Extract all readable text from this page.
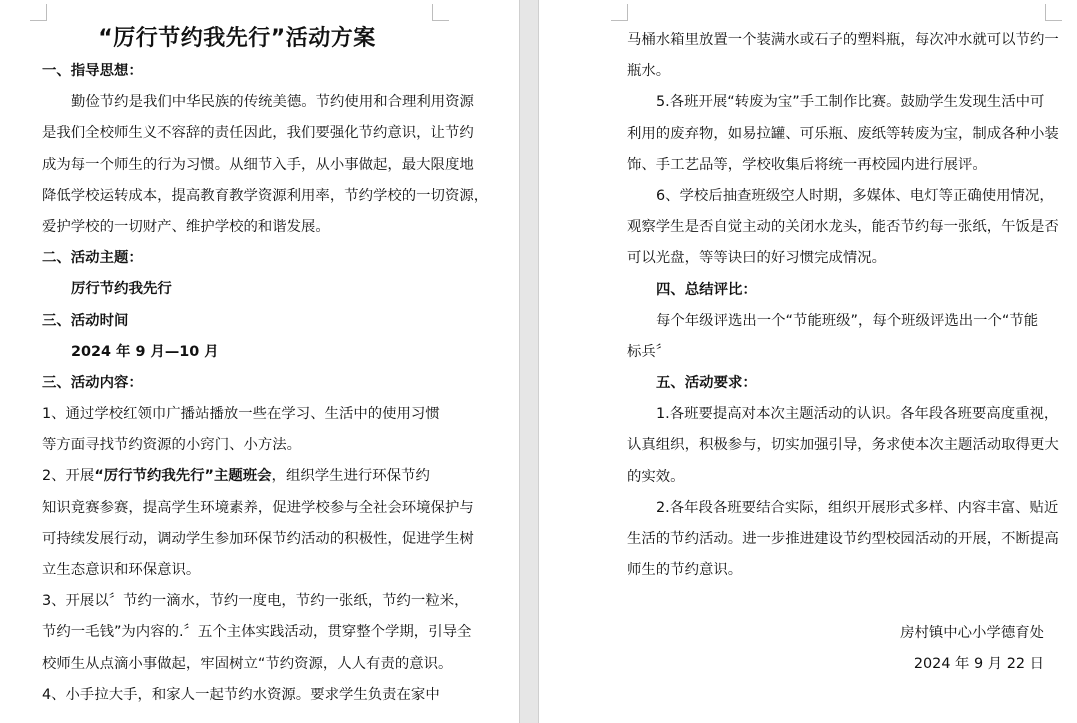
“厉行节约我先行”活动方案
一、指导思想：
勤俭节约是我们中华民族的传统美德。节约使用和合理利用资源
是我们全校师生义不容辞的责任因此，我们要强化节约意识，让节约
成为每一个师生的行为习惯。从细节入手，从小事做起，最大限度地
降低学校运转成本，提高教育教学资源利用率，节约学校的一切资源，
爱护学校的一切财产、维护学校的和谐发展。
二、活动主题：
厉行节约我先行
三、活动时间
2024 年 9 月—10 月
三、活动内容：
1、通过学校红领巾广播站播放一些在学习、生活中的使用习惯
等方面寻找节约资源的小窍门、小方法。
2、开展“厉行节约我先行”主题班会，组织学生进行环保节约
知识竟赛参赛，提高学生环境素养，促进学校参与全社会环境保护与
可持续发展行动，调动学生参加环保节约活动的积极性，促进学生树
立生态意识和环保意识。
3、开展以〞节约一滴水，节约一度电，节约一张纸，节约一粒米，
节约一毛钱”为内容的.〞五个主体实践活动，贯穿整个学期，引导全
校师生从点滴小事做起，牢固树立“节约资源，人人有责的意识。
4、小手拉大手，和家人一起节约水资源。要求学生负责在家中
马桶水箱里放置一个装满水或石子的塑料瓶，每次冲水就可以节约一
瓶水。
5.各班开展“转废为宝”手工制作比赛。鼓励学生发现生活中可
利用的废弃物，如易拉罐、可乐瓶、废纸等转废为宝，制成各种小装
饰、手工艺品等，学校收集后将统一再校园内进行展评。
6、学校后抽查班级空人时期，多媒体、电灯等正确使用情况，
观察学生是否自觉主动的关闭水龙头，能否节约每一张纸，午饭是否
可以光盘，等等诀曰的好习惯完成情况。
四、总结评比：
每个年级评选出一个“节能班级”，每个班级评选出一个“节能
标兵〞
五、活动要求：
1.各班要提高对本次主题活动的认识。各年段各班要高度重视，
认真组织，积极参与，切实加强引导，务求使本次主题活动取得更大
的实效。
2.各年段各班要结合实际，组织开展形式多样、内容丰富、贴近
生活的节约活动。进一步推进建设节约型校园活动的开展，不断提高
师生的节约意识。
房村镇中心小学德育处
2024 年 9 月 22 日
